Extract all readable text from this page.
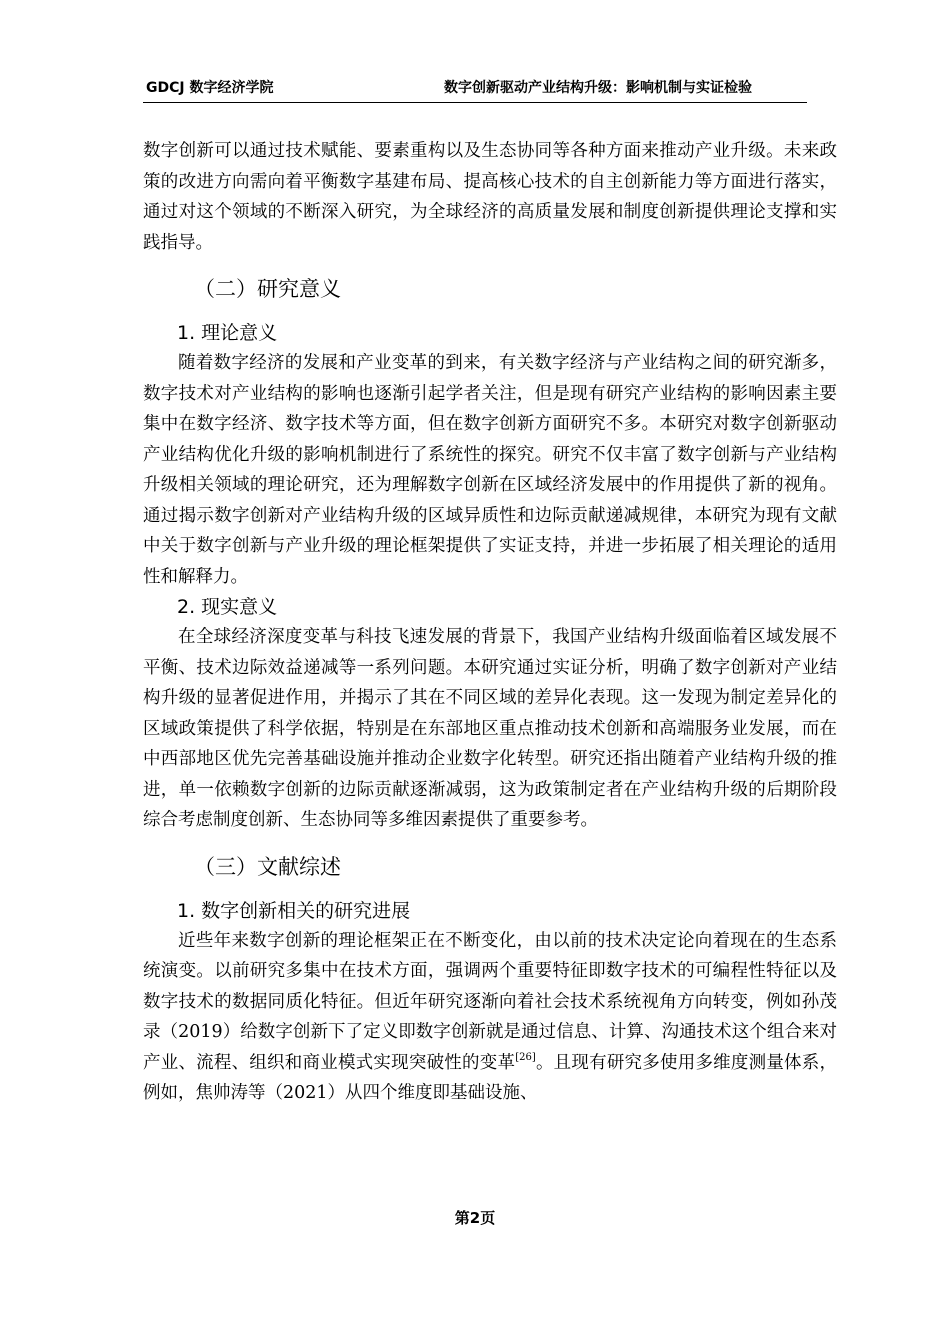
GDCJ 数字经济学院	数字创新驱动产业结构升级：影响机制与实证检验

数字创新可以通过技术赋能、要素重构以及生态协同等各种方面来推动产业升级。未来政策的改进方向需向着平衡数字基建布局、提高核心技术的自主创新能力等方面进行落实，通过对这个领域的不断深入研究，为全球经济的高质量发展和制度创新提供理论支撑和实践指导。

（二）研究意义
1. 理论意义

随着数字经济的发展和产业变革的到来，有关数字经济与产业结构之间的研究渐多，数字技术对产业结构的影响也逐渐引起学者关注，但是现有研究产业结构的影响因素主要集中在数字经济、数字技术等方面，但在数字创新方面研究不多。本研究对数字创新驱动产业结构优化升级的影响机制进行了系统性的探究。研究不仅丰富了数字创新与产业结构升级相关领域的理论研究，还为理解数字创新在区域经济发展中的作用提供了新的视角。通过揭示数字创新对产业结构升级的区域异质性和边际贡献递减规律，本研究为现有文献中关于数字创新与产业升级的理论框架提供了实证支持，并进一步拓展了相关理论的适用性和解释力。

2. 现实意义

在全球经济深度变革与科技飞速发展的背景下，我国产业结构升级面临着区域发展不平衡、技术边际效益递减等一系列问题。本研究通过实证分析，明确了数字创新对产业结构升级的显著促进作用，并揭示了其在不同区域的差异化表现。这一发现为制定差异化的区域政策提供了科学依据，特别是在东部地区重点推动技术创新和高端服务业发展，而在中西部地区优先完善基础设施并推动企业数字化转型。研究还指出随着产业结构升级的推进，单一依赖数字创新的边际贡献逐渐减弱，这为政策制定者在产业结构升级的后期阶段综合考虑制度创新、生态协同等多维因素提供了重要参考。

（三）文献综述
1. 数字创新相关的研究进展

近些年来数字创新的理论框架正在不断变化，由以前的技术决定论向着现在的生态系统演变。以前研究多集中在技术方面，强调两个重要特征即数字技术的可编程性特征以及数字技术的数据同质化特征。但近年研究逐渐向着社会技术系统视角方向转变，例如孙茂录（2019）给数字创新下了定义即数字创新就是通过信息、计算、沟通技术这个组合来对产业、流程、组织和商业模式实现突破性的变革[26]。且现有研究多使用多维度测量体系，例如，焦帅涛等（2021）从四个维度即基础设施、

第2页
